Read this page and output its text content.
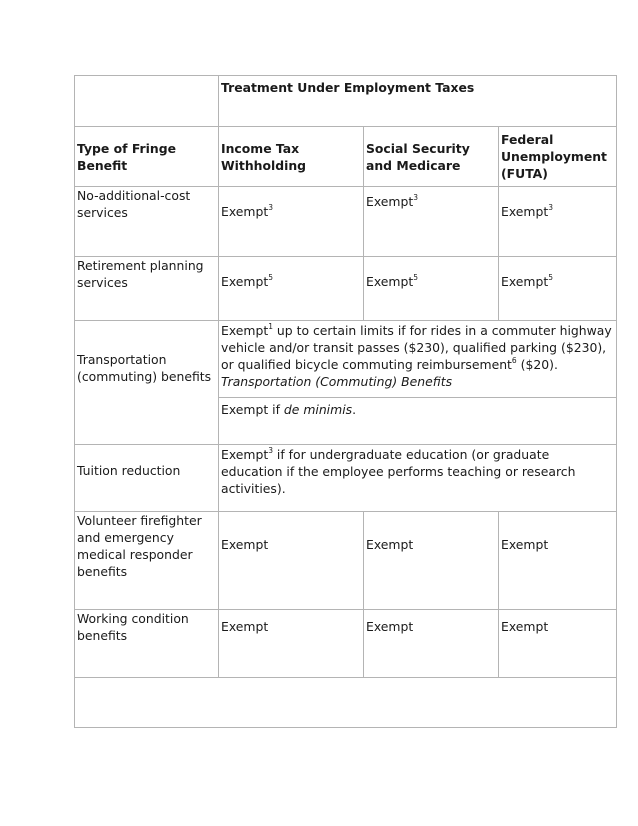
	Treatment Under Employment Taxes		
Type of Fringe Benefit	Income Tax Withholding	Social Security and Medicare	Federal Unemployment (FUTA)
No-additional-cost services	Exempt$^3$	Exempt$^3$	Exempt$^3$
Retirement planning services	Exempt$^5$	Exempt$^5$	Exempt$^5$

Transportation (commuting) benefits	Exempt$^1$ up to certain limits if for rides in a commuter highway vehicle and/or transit passes ($230), qualified parking ($230), or qualified bicycle commuting reimbursement$^6$ ($20). Transportation (Commuting) Benefits		
	Exempt if de minimis.		
Tuition reduction	Exempt$^3$ if for undergraduate education (or graduate education if the employee performs teaching or research activities).		
Volunteer firefighter and emergency medical responder benefits	Exempt	Exempt	Exempt
Working condition benefits	Exempt	Exempt	Exempt
